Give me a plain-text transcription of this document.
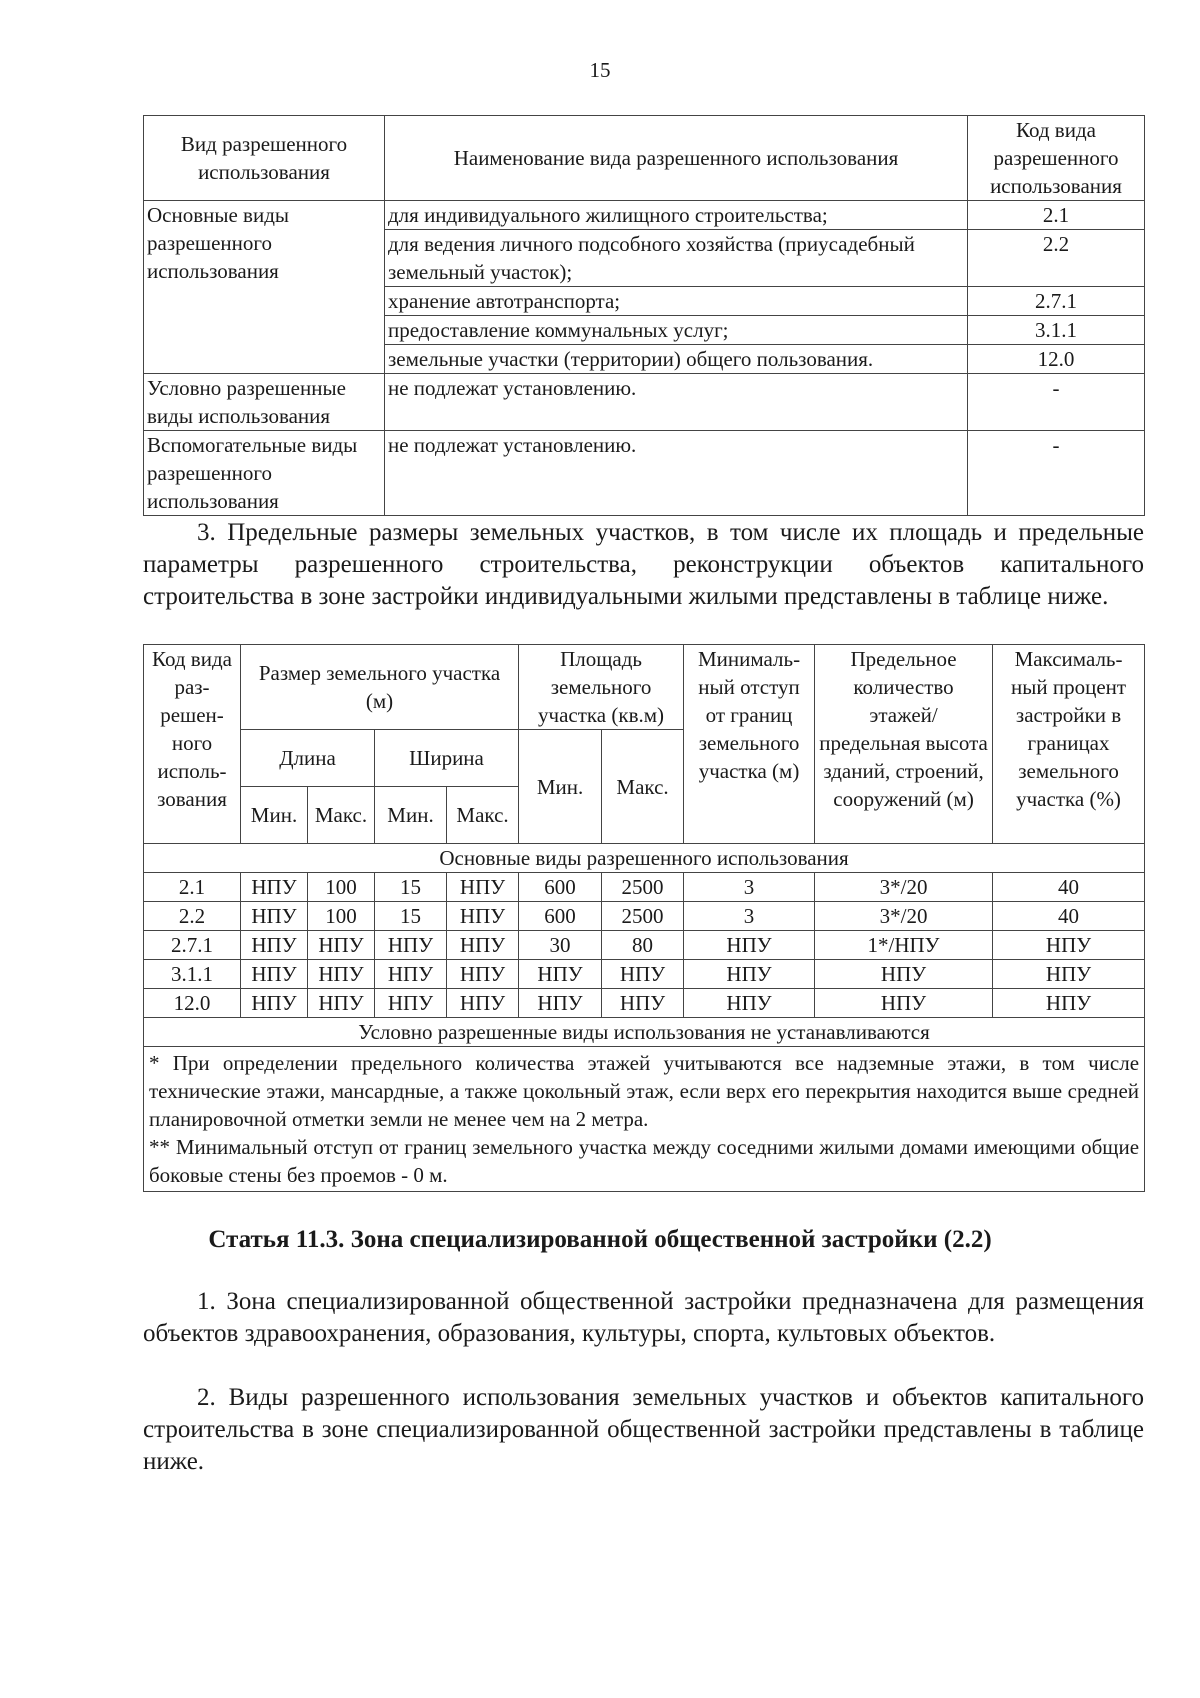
15
Вид разрешенного использования	Наименование вида разрешенного использования	Код вида разрешенного использования
Основные виды разрешенного использования	для индивидуального жилищного строительства;	2.1
	для ведения личного подсобного хозяйства (приусадебный земельный участок);	2.2
	хранение автотранспорта;	2.7.1
	предоставление коммунальных услуг;	3.1.1
	земельные участки (территории) общего пользования.	12.0
Условно разрешенные виды использования	не подлежат установлению.	-
Вспомогательные виды разрешенного использования	не подлежат установлению.	-
3. Предельные размеры земельных участков, в том числе их площадь и предельные параметры разрешенного строительства, реконструкции объектов капитального строительства в зоне застройки индивидуальными жилыми представлены в таблице ниже.
Код вида раз- решен- ного исполь- зования	Размер земельного участка (м)				Площадь земельного участка (кв.м)		Минималь- ный отступ от границ земельного участка (м)	Предельное количество этажей/ предельная высота зданий, строений, сооружений (м)	Максималь- ный процент застройки в границах земельного участка (%)
	Длина		Ширина		Мин.	Макс.			
	Мин.	Макс.	Мин.	Макс.					
Основные виды разрешенного использования									
2.1	НПУ	100	15	НПУ	600	2500	3	3*/20	40
2.2	НПУ	100	15	НПУ	600	2500	3	3*/20	40
2.7.1	НПУ	НПУ	НПУ	НПУ	30	80	НПУ	1*/НПУ	НПУ
3.1.1	НПУ	НПУ	НПУ	НПУ	НПУ	НПУ	НПУ	НПУ	НПУ
12.0	НПУ	НПУ	НПУ	НПУ	НПУ	НПУ	НПУ	НПУ	НПУ
Условно разрешенные виды использования не устанавливаются									

* При определении предельного количества этажей учитываются все надземные этажи, в том числе технические этажи, мансардные, а также цокольный этаж, если верх его перекрытия находится выше средней планировочной отметки земли не менее чем на 2 метра.
** Минимальный отступ от границ земельного участка между соседними жилыми домами имеющими общие боковые стены без проемов - 0 м.									
Статья 11.3. Зона специализированной общественной застройки (2.2)
1. Зона специализированной общественной застройки предназначена для размещения объектов здравоохранения, образования, культуры, спорта, культовых объектов.
2. Виды разрешенного использования земельных участков и объектов капитального строительства в зоне специализированной общественной застройки представлены в таблице ниже.
